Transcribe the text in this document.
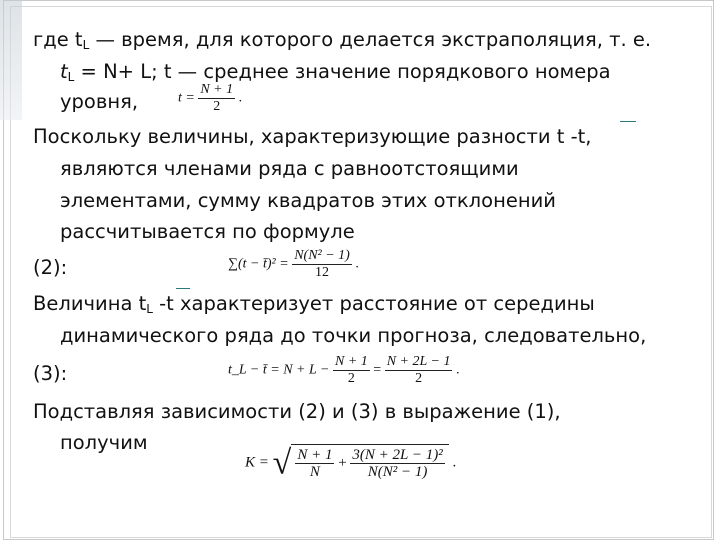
где $t_L$ — время, для которого делается экстраполяция, т. е.
$t_L = N+ L$; t — среднее значение порядкового номера
уровня,	$t = \frac{N + 1}{2}$ .
Поскольку величины, характеризующие разности t -t,
являются членами ряда с равноотстоящими
элементами, сумму квадратов этих отклонений
рассчитывается по формуле
(2):	∑(t − t̄)² = $\frac{\text{N(N² − 1)}}{12}$ .
Величина $t_L$ -t характеризует расстояние от середины
динамического ряда до точки прогноза, следовательно,
(3):	t_L − t̄ = $N + L - \frac{N + 1}{2} = \frac{N + 2L - 1}{2}$ .
Подставляя зависимости (2) и (3) в выражение (1),
получим
K = √ $\frac{N + 1}{N} + \frac{\text{3(N + 2L − 1)²}}{\text{N(N² − 1)}}$ .
